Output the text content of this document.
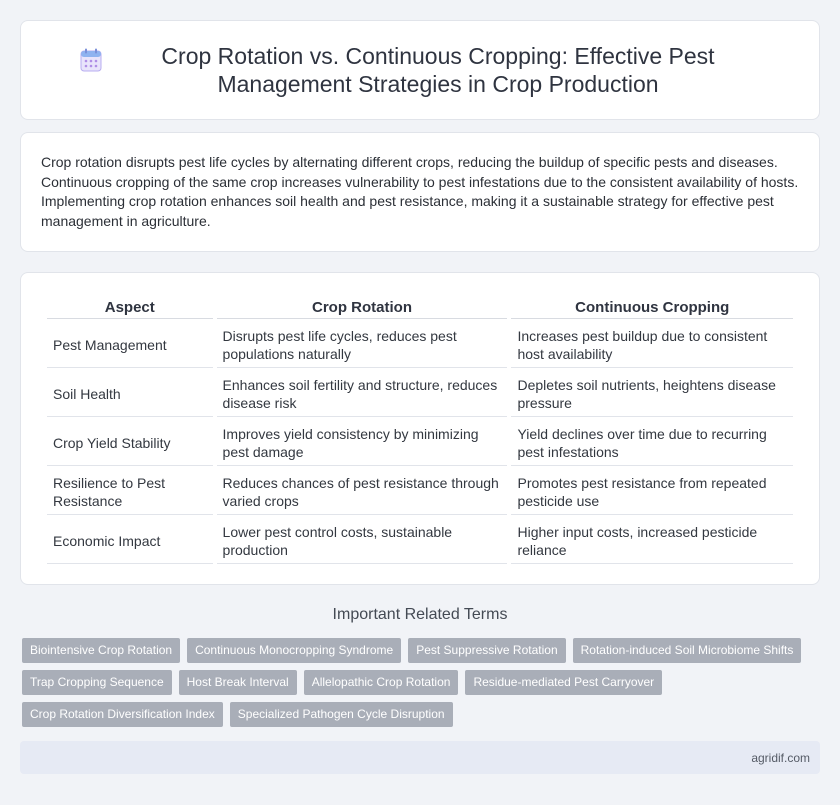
Crop Rotation vs. Continuous Cropping: Effective Pest Management Strategies in Crop Production

Crop rotation disrupts pest life cycles by alternating different crops, reducing the buildup of specific pests and diseases. Continuous cropping of the same crop increases vulnerability to pest infestations due to the consistent availability of hosts. Implementing crop rotation enhances soil health and pest resistance, making it a sustainable strategy for effective pest management in agriculture.

Aspect	Crop Rotation	Continuous Cropping
Pest Management	Disrupts pest life cycles, reduces pest populations naturally	Increases pest buildup due to consistent host availability
Soil Health	Enhances soil fertility and structure, reduces disease risk	Depletes soil nutrients, heightens disease pressure
Crop Yield Stability	Improves yield consistency by minimizing pest damage	Yield declines over time due to recurring pest infestations
Resilience to Pest Resistance	Reduces chances of pest resistance through varied crops	Promotes pest resistance from repeated pesticide use
Economic Impact	Lower pest control costs, sustainable production	Higher input costs, increased pesticide reliance
Important Related Terms
Biointensive Crop Rotation	Continuous Monocropping Syndrome	Pest Suppressive Rotation	Rotation-induced Soil Microbiome Shifts
Trap Cropping Sequence	Host Break Interval	Allelopathic Crop Rotation	Residue-mediated Pest Carryover
Crop Rotation Diversification Index	Specialized Pathogen Cycle Disruption
agridif.com
